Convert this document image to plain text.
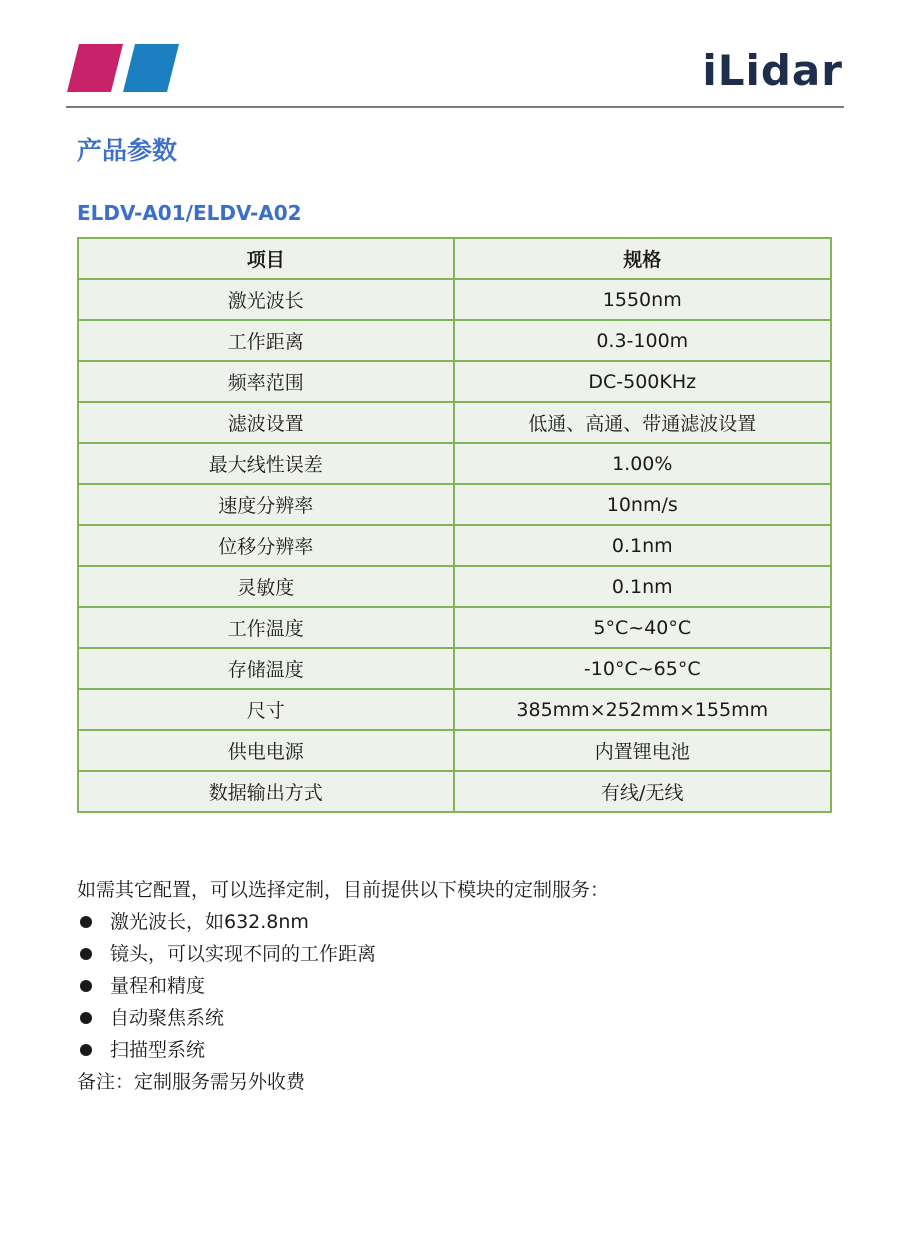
iLidar
产品参数
ELDV-A01/ELDV-A02
项目	规格
激光波长	1550nm
工作距离	0.3-100m
频率范围	DC-500KHz
滤波设置	低通、高通、带通滤波设置
最大线性误差	1.00%
速度分辨率	10nm/s
位移分辨率	0.1nm
灵敏度	0.1nm
工作温度	5°C~40°C
存储温度	-10°C~65°C
尺寸	385mm×252mm×155mm
供电电源	内置锂电池
数据输出方式	有线/无线
如需其它配置，可以选择定制，目前提供以下模块的定制服务：
激光波长，如632.8nm
镜头，可以实现不同的工作距离
量程和精度
自动聚焦系统
扫描型系统
备注：定制服务需另外收费
